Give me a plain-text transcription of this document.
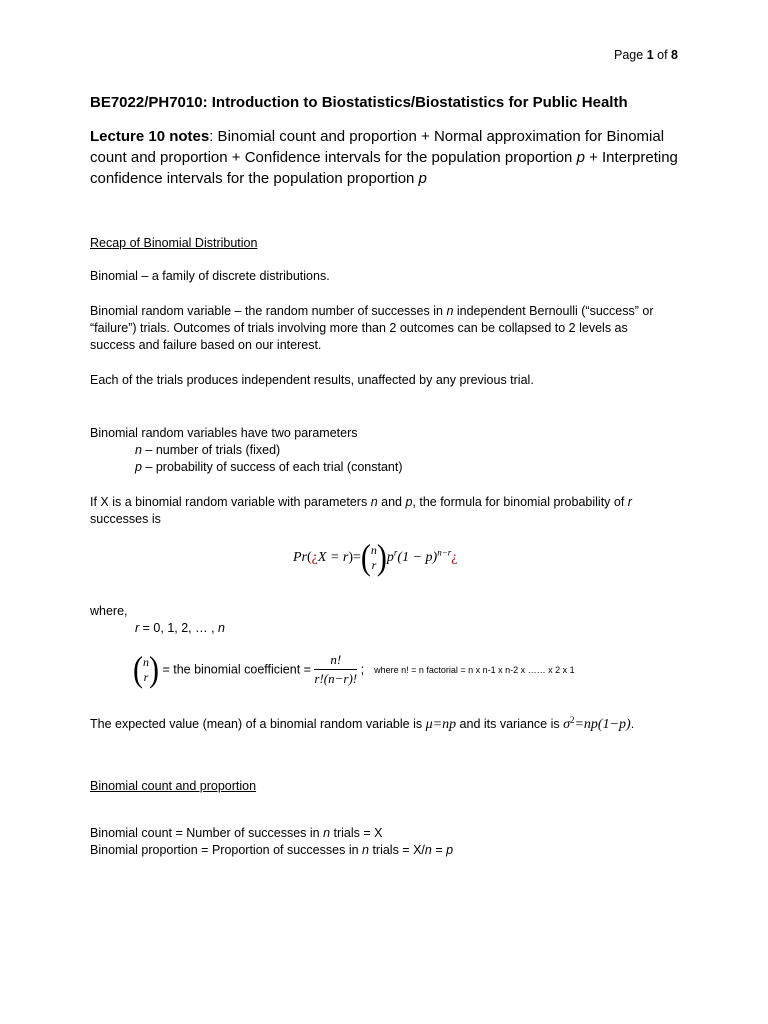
Page 1 of 8
BE7022/PH7010: Introduction to Biostatistics/Biostatistics for Public Health
Lecture 10 notes: Binomial count and proportion + Normal approximation for Binomial count and proportion + Confidence intervals for the population proportion p + Interpreting confidence intervals for the population proportion p
Recap of Binomial Distribution
Binomial – a family of discrete distributions.
Binomial random variable – the random number of successes in n independent Bernoulli (“success” or
“failure”) trials. Outcomes of trials involving more than 2 outcomes can be collapsed to 2 levels as
success and failure based on our interest.
Each of the trials produces independent results, unaffected by any previous trial.
Binomial random variables have two parameters
n – number of trials (fixed)
p – probability of success of each trial (constant)
If X is a binomial random variable with parameters n and p, the formula for binomial probability of r
successes is
Pr(¿X = r)=( n
r )$p^r(1$ − $p)^{n-r}¿$
where,
r = 0, 1, 2, … , n
( n
r ) = the binomial coefficient = $\frac{n!}{r!(n-r)!}$ ; where n! = n factorial = n x n-1 x n-2 x …… x 2 x 1
The expected value (mean) of a binomial random variable is μ=np and its variance is $\sigma^2=np(1-p)$.
Binomial count and proportion
Binomial count = Number of successes in n trials = X
Binomial proportion = Proportion of successes in n trials = X/n = p
